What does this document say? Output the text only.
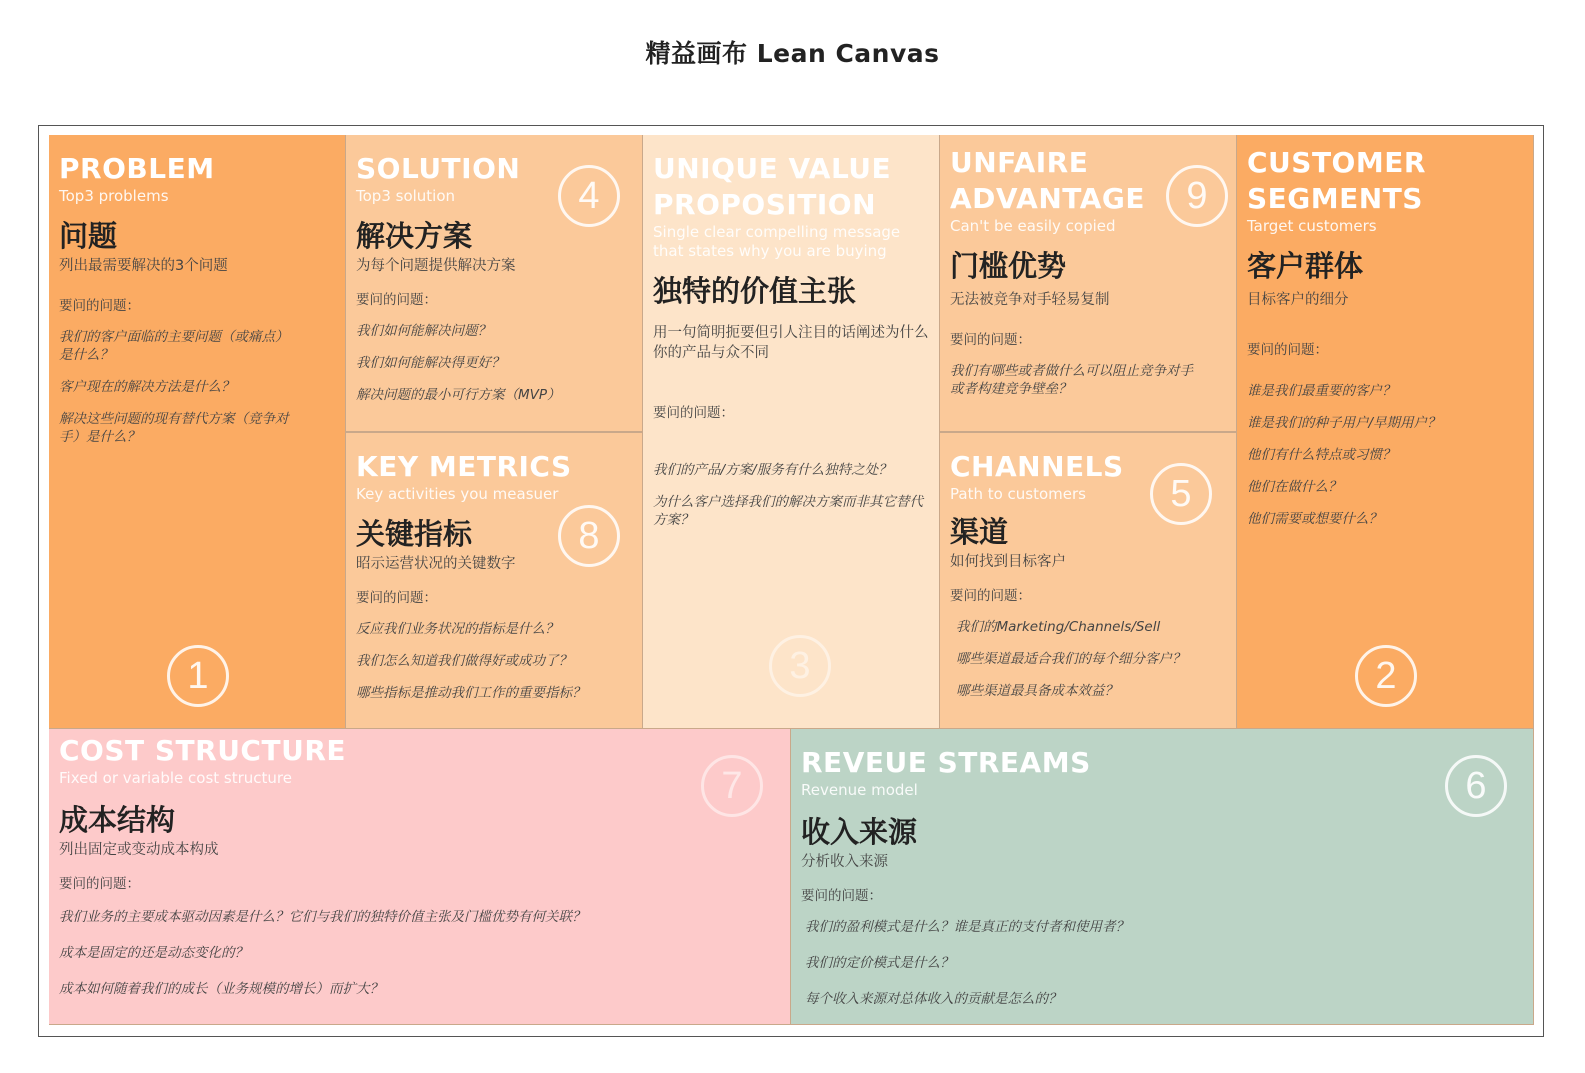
精益画布 Lean Canvas
PROBLEM
Top3 problems
问题
列出最需要解决的3个问题
要问的问题：
我们的客户面临的主要问题（或痛点）是什么？
客户现在的解决方法是什么？
解决这些问题的现有替代方案（竞争对手）是什么？
1
SOLUTION
Top3 solution
解决方案
为每个问题提供解决方案
要问的问题：
我们如何能解决问题？
我们如何能解决得更好？
解决问题的最小可行方案（MVP）
4
KEY METRICS
Key activities you measuer
关键指标
昭示运营状况的关键数字
要问的问题：
反应我们业务状况的指标是什么？
我们怎么知道我们做得好或成功了？
哪些指标是推动我们工作的重要指标？
8
UNIQUE VALUE PROPOSITION
Single clear compelling message that states why you are buying
独特的价值主张
用一句简明扼要但引人注目的话阐述为什么你的产品与众不同
要问的问题：
我们的产品/方案/服务有什么独特之处？
为什么客户选择我们的解决方案而非其它替代方案？
3
UNFAIRE ADVANTAGE
Can't be easily copied
门槛优势
无法被竞争对手轻易复制
要问的问题：
我们有哪些或者做什么可以阻止竞争对手或者构建竞争壁垒？
9
CHANNELS
Path to customers
渠道
如何找到目标客户
要问的问题：
我们的Marketing/Channels/Sell
哪些渠道最适合我们的每个细分客户？
哪些渠道最具备成本效益？
5
CUSTOMER SEGMENTS
Target customers
客户群体
目标客户的细分
要问的问题：
谁是我们最重要的客户？
谁是我们的种子用户/早期用户？
他们有什么特点或习惯？
他们在做什么？
他们需要或想要什么？
2
COST STRUCTURE
Fixed or variable cost structure
成本结构
列出固定或变动成本构成
要问的问题：
我们业务的主要成本驱动因素是什么？它们与我们的独特价值主张及门槛优势有何关联？
成本是固定的还是动态变化的？
成本如何随着我们的成长（业务规模的增长）而扩大？
7
REVEUE STREAMS
Revenue model
收入来源
分析收入来源
要问的问题：
我们的盈利模式是什么？谁是真正的支付者和使用者？
我们的定价模式是什么？
每个收入来源对总体收入的贡献是怎么的？
6
